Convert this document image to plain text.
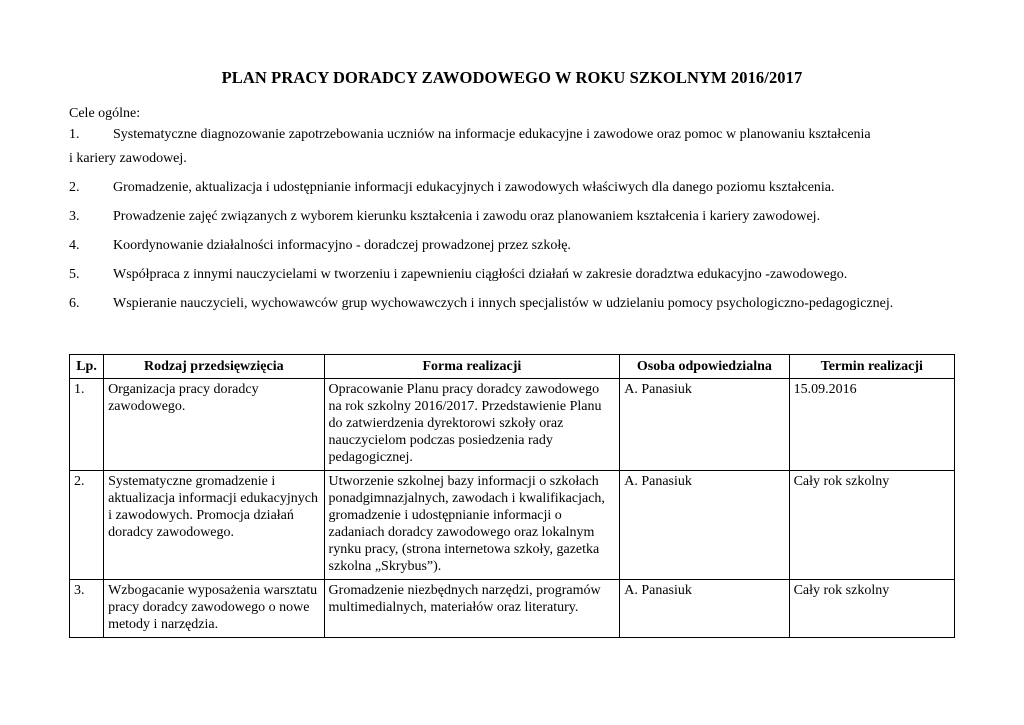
PLAN PRACY DORADCY ZAWODOWEGO W ROKU SZKOLNYM 2016/2017
Cele ogólne:
1. Systematyczne diagnozowanie zapotrzebowania uczniów na informacje edukacyjne i zawodowe oraz pomoc w planowaniu kształcenia
i kariery zawodowej.
2. Gromadzenie, aktualizacja i udostępnianie informacji edukacyjnych i zawodowych właściwych dla danego poziomu kształcenia.
3. Prowadzenie zajęć związanych z wyborem kierunku kształcenia i zawodu oraz planowaniem kształcenia i kariery zawodowej.
4. Koordynowanie działalności informacyjno - doradczej prowadzonej przez szkołę.
5. Współpraca z innymi nauczycielami w tworzeniu i zapewnieniu ciągłości działań w zakresie doradztwa edukacyjno -zawodowego.
6. Wspieranie nauczycieli, wychowawców grup wychowawczych i innych specjalistów w udzielaniu pomocy psychologiczno-pedagogicznej.
Lp.	Rodzaj przedsięwzięcia	Forma realizacji	Osoba odpowiedzialna	Termin realizacji
1.	Organizacja pracy doradcy zawodowego.	Opracowanie Planu pracy doradcy zawodowego na rok szkolny 2016/2017. Przedstawienie Planu do zatwierdzenia dyrektorowi szkoły oraz nauczycielom podczas posiedzenia rady pedagogicznej.	A. Panasiuk	15.09.2016
2.	Systematyczne gromadzenie i aktualizacja informacji edukacyjnych i zawodowych. Promocja działań doradcy zawodowego.	Utworzenie szkolnej bazy informacji o szkołach ponadgimnazjalnych, zawodach i kwalifikacjach, gromadzenie i udostępnianie informacji o zadaniach doradcy zawodowego oraz lokalnym rynku pracy, (strona internetowa szkoły, gazetka szkolna „Skrybus”).	A. Panasiuk	Cały rok szkolny
3.	Wzbogacanie wyposażenia warsztatu pracy doradcy zawodowego o nowe metody i narzędzia.	Gromadzenie niezbędnych narzędzi, programów multimedialnych, materiałów oraz literatury.	A. Panasiuk	Cały rok szkolny
